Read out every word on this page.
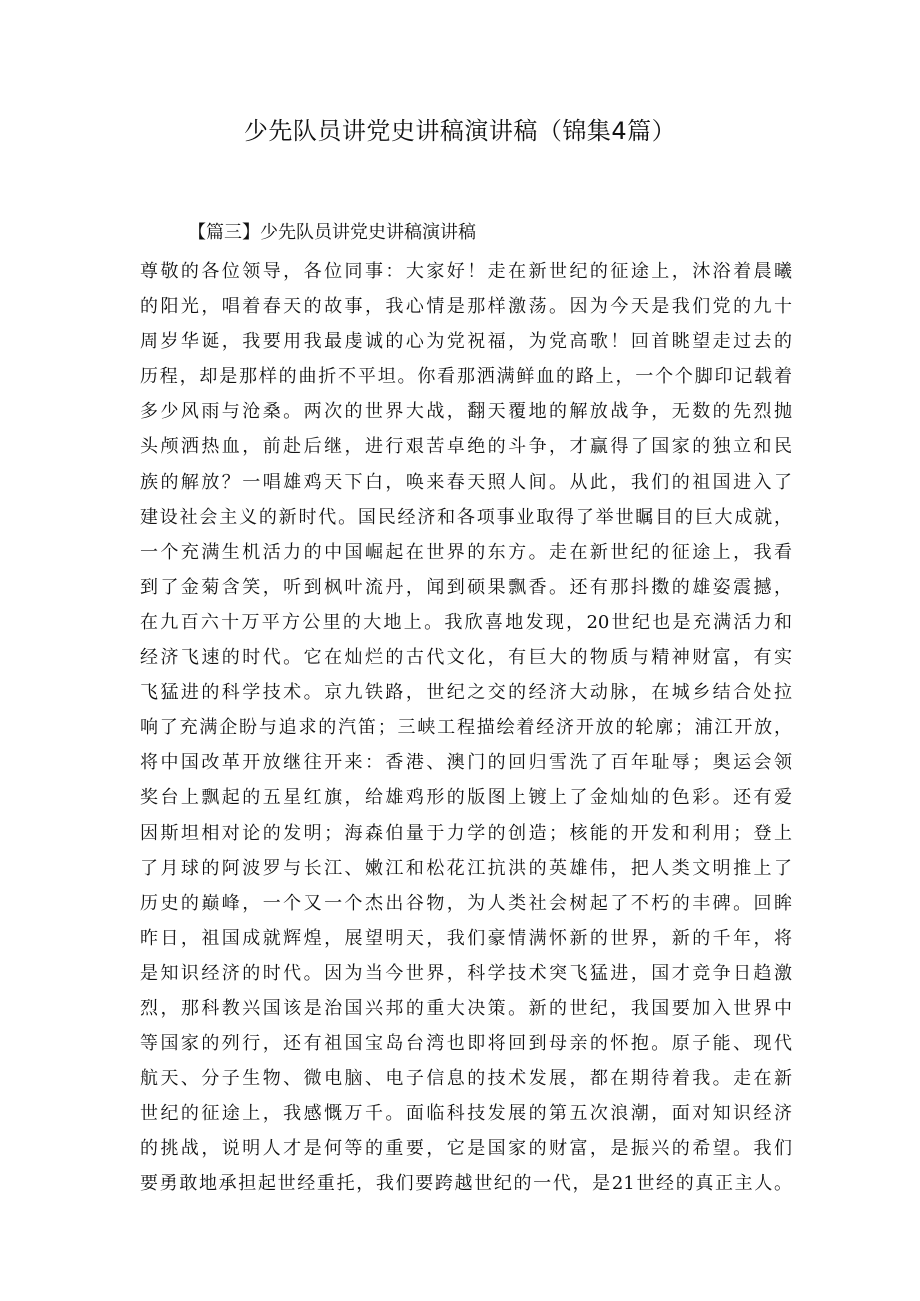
少先队员讲党史讲稿演讲稿（锦集4篇）
【篇三】少先队员讲党史讲稿演讲稿
尊敬的各位领导，各位同事：大家好！走在新世纪的征途上，沐浴着晨曦
的阳光，唱着春天的故事，我心情是那样激荡。因为今天是我们党的九十
周岁华诞，我要用我最虔诚的心为党祝福，为党高歌！回首眺望走过去的
历程，却是那样的曲折不平坦。你看那洒满鲜血的路上，一个个脚印记载着
多少风雨与沧桑。两次的世界大战，翻天覆地的解放战争，无数的先烈抛
头颅洒热血，前赴后继，进行艰苦卓绝的斗争，才赢得了国家的独立和民
族的解放？一唱雄鸡天下白，唤来春天照人间。从此，我们的祖国进入了
建设社会主义的新时代。国民经济和各项事业取得了举世瞩目的巨大成就，
一个充满生机活力的中国崛起在世界的东方。走在新世纪的征途上，我看
到了金菊含笑，听到枫叶流丹，闻到硕果飘香。还有那抖擞的雄姿震撼，
在九百六十万平方公里的大地上。我欣喜地发现，20世纪也是充满活力和
经济飞速的时代。它在灿烂的古代文化，有巨大的物质与精神财富，有实
飞猛进的科学技术。京九铁路，世纪之交的经济大动脉，在城乡结合处拉
响了充满企盼与追求的汽笛；三峡工程描绘着经济开放的轮廓；浦江开放，
将中国改革开放继往开来：香港、澳门的回归雪洗了百年耻辱；奥运会领
奖台上飘起的五星红旗，给雄鸡形的版图上镀上了金灿灿的色彩。还有爱
因斯坦相对论的发明；海森伯量于力学的创造；核能的开发和利用；登上
了月球的阿波罗与长江、嫩江和松花江抗洪的英雄伟，把人类文明推上了
历史的巅峰，一个又一个杰出谷物，为人类社会树起了不朽的丰碑。回眸
昨日，祖国成就辉煌，展望明天，我们豪情满怀新的世界，新的千年，将
是知识经济的时代。因为当今世界，科学技术突飞猛进，国才竞争日趋激
烈，那科教兴国该是治国兴邦的重大决策。新的世纪，我国要加入世界中
等国家的列行，还有祖国宝岛台湾也即将回到母亲的怀抱。原子能、现代
航天、分子生物、微电脑、电子信息的技术发展，都在期待着我。走在新
世纪的征途上，我感慨万千。面临科技发展的第五次浪潮，面对知识经济
的挑战，说明人才是何等的重要，它是国家的财富，是振兴的希望。我们
要勇敢地承担起世经重托，我们要跨越世纪的一代，是21世经的真正主人。
